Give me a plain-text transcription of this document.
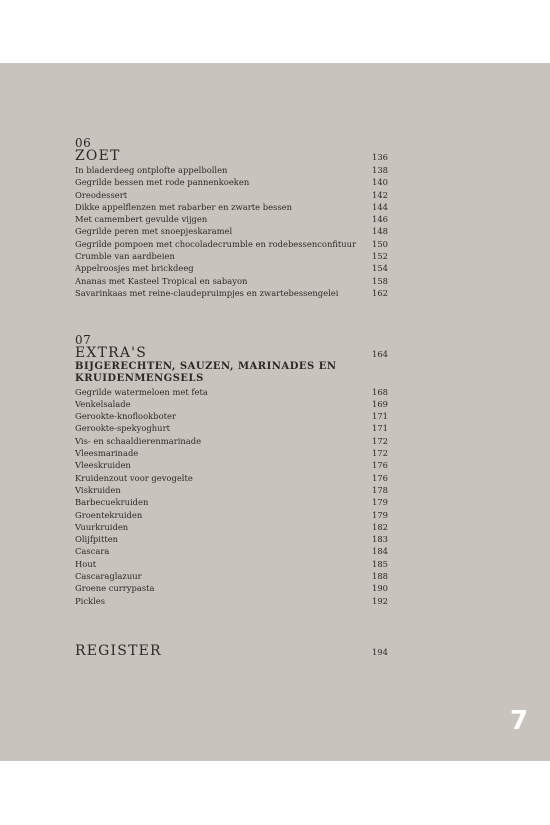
06
ZOET	136
In bladerdeeg ontplofte appelbollen	138
Gegrilde bessen met rode pannenkoeken	140
Oreodessert	142
Dikke appelflenzen met rabarber en zwarte bessen	144
Met camembert gevulde vijgen	146
Gegrilde peren met snoepjeskaramel	148
Gegrilde pompoen met chocoladecrumble en rodebessenconfituur 150
Crumble van aardbeien	152
Appelroosjes met brickdeeg	154
Ananas met Kasteel Tropical en sabayon	158
Savarinkaas met reine-claudepruimpjes en zwartebessengelei	162
07
EXTRA'S	164
BIJGERECHTEN, SAUZEN, MARINADES EN
KRUIDENMENGSELS
Gegrilde watermeloen met feta	168
Venkelsalade	169
Gerookte-knoflookboter	171
Gerookte-spekyoghurt	171
Vis- en schaaldierenmarinade	172
Vleesmarinade	172
Vleeskruiden	176
Kruidenzout voor gevogelte	176
Viskruiden	178
Barbecuekruiden	179
Groentekruiden	179
Vuurkruiden	182
Olijfpitten	183
Cascara	184
Hout	185
Cascaraglazuur	188
Groene currypasta	190
Pickles	192
REGISTER	194
7
